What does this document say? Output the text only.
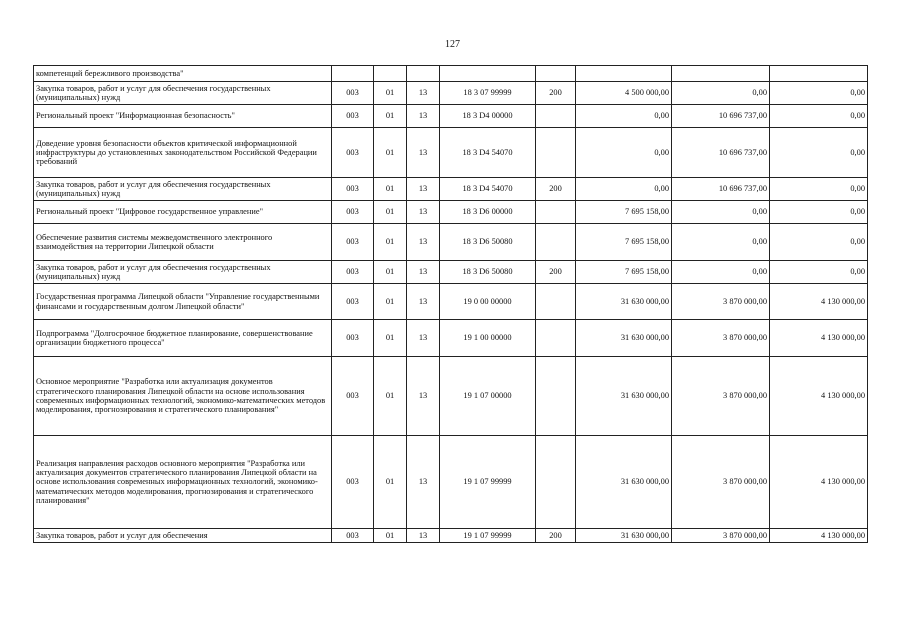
127
компетенций бережливого производства"								
Закупка товаров, работ и услуг для обеспечения государственных (муниципальных) нужд	003	01	13	18 3 07 99999	200	4 500 000,00	0,00	0,00
Региональный проект "Информационная безопасность"	003	01	13	18 3 D4 00000		0,00	10 696 737,00	0,00
Доведение уровня безопасности объектов критической информационной инфраструктуры до установленных законодательством Российской Федерации требований	003	01	13	18 3 D4 54070		0,00	10 696 737,00	0,00
Закупка товаров, работ и услуг для обеспечения государственных (муниципальных) нужд	003	01	13	18 3 D4 54070	200	0,00	10 696 737,00	0,00
Региональный проект "Цифровое государственное управление"	003	01	13	18 3 D6 00000		7 695 158,00	0,00	0,00
Обеспечение развития системы межведомственного электронного взаимодействия на территории Липецкой области	003	01	13	18 3 D6 50080		7 695 158,00	0,00	0,00
Закупка товаров, работ и услуг для обеспечения государственных (муниципальных) нужд	003	01	13	18 3 D6 50080	200	7 695 158,00	0,00	0,00
Государственная программа Липецкой области "Управление государственными финансами и государственным долгом Липецкой области"	003	01	13	19 0 00 00000		31 630 000,00	3 870 000,00	4 130 000,00
Подпрограмма "Долгосрочное бюджетное планирование, совершенствование организации бюджетного процесса"	003	01	13	19 1 00 00000		31 630 000,00	3 870 000,00	4 130 000,00
Основное мероприятие "Разработка или актуализация документов стратегического планирования Липецкой области на основе использования современных информационных технологий, экономико-математических методов моделирования, прогнозирования и стратегического планирования"	003	01	13	19 1 07 00000		31 630 000,00	3 870 000,00	4 130 000,00
Реализация направления расходов основного мероприятия "Разработка или актуализация документов стратегического планирования Липецкой области на основе использования современных информационных технологий, экономико-математических методов моделирования, прогнозирования и стратегического планирования"	003	01	13	19 1 07 99999		31 630 000,00	3 870 000,00	4 130 000,00
Закупка товаров, работ и услуг для обеспечения	003	01	13	19 1 07 99999	200	31 630 000,00	3 870 000,00	4 130 000,00
